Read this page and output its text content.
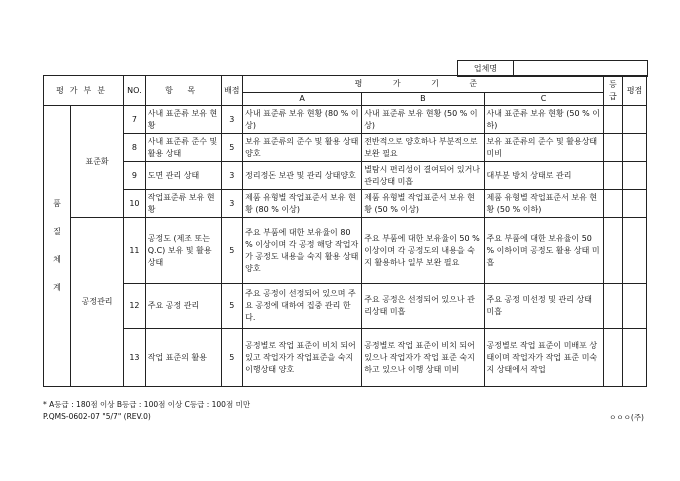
업체명
평가부분		NO.	항 목	배점	평 가 기 준			등급	평점
					A	B	C		

품
질
체
계	표준화	7	사내 표준류 보유 현황	3	사내 표준류 보유 현황 (80 % 이상)	사내 표준류 보유 현황 (50 % 이상)	사내 표준류 보유 현황 (50 % 이하)		
		8	사내 표준류 준수 및 활용 상태	5	보유 표준류의 준수 및 활용 상태 양호	전반적으로 양호하나 부분적으로 보완 필요	보유 표준류의 준수 및 활용상태 미비		
		9	도면 관리 상태	3	정리정돈 보관 및 관리 상태양호	별탐시 편리성이 결여되어 있거나 관리상태 미흡	대부분 방치 상태로 관리		
		10	작업표준류 보유 현황	3	제품 유형별 작업표준서 보유 현황 (80 % 이상)	제품 유형별 작업표준서 보유 현황 (50 % 이상)	제품 유형별 작업표준서 보유 현황 (50 % 이하)		
	공정관리	11	공정도 (제조 또는 Q.C) 보유 및 활용 상태	5	주요 부품에 대한 보유율이 80 % 이상이며 각 공정 해당 작업자가 공정도 내용을 숙지 활용 상태 양호	주요 부품에 대한 보유율이 50 % 이상이며 각 공정도의 내용을 숙지 활용하나 일부 보완 필요	주요 부품에 대한 보유율이 50 % 이하이며 공정도 활용 상태 미흡		
		12	주요 공정 관리	5	주요 공정이 선정되어 있으며 주요 공정에 대하여 집중 관리 한다.	주요 공정은 선정되어 있으나 관리상태 미흡	주요 공정 미선정 및 관리 상태 미흡		
		13	작업 표준의 활용	5	공정별로 작업 표준이 비치 되어 있고 작업자가 작업표준을 숙지 이행상태 양호	공정별로 작업 표준이 비치 되어 있으나 작업자가 작업 표준 숙지하고 있으나 이행 상태 미비	공정별로 작업 표준이 미배포 상태이며 작업자가 작업 표준 미숙지 상태에서 작업		
* A등급 : 180점 이상 B등급 : 100점 이상 C등급 : 100점 미만
P.QMS-0602-07 "5/7" (REV.0)	ㅇㅇㅇ(주)
